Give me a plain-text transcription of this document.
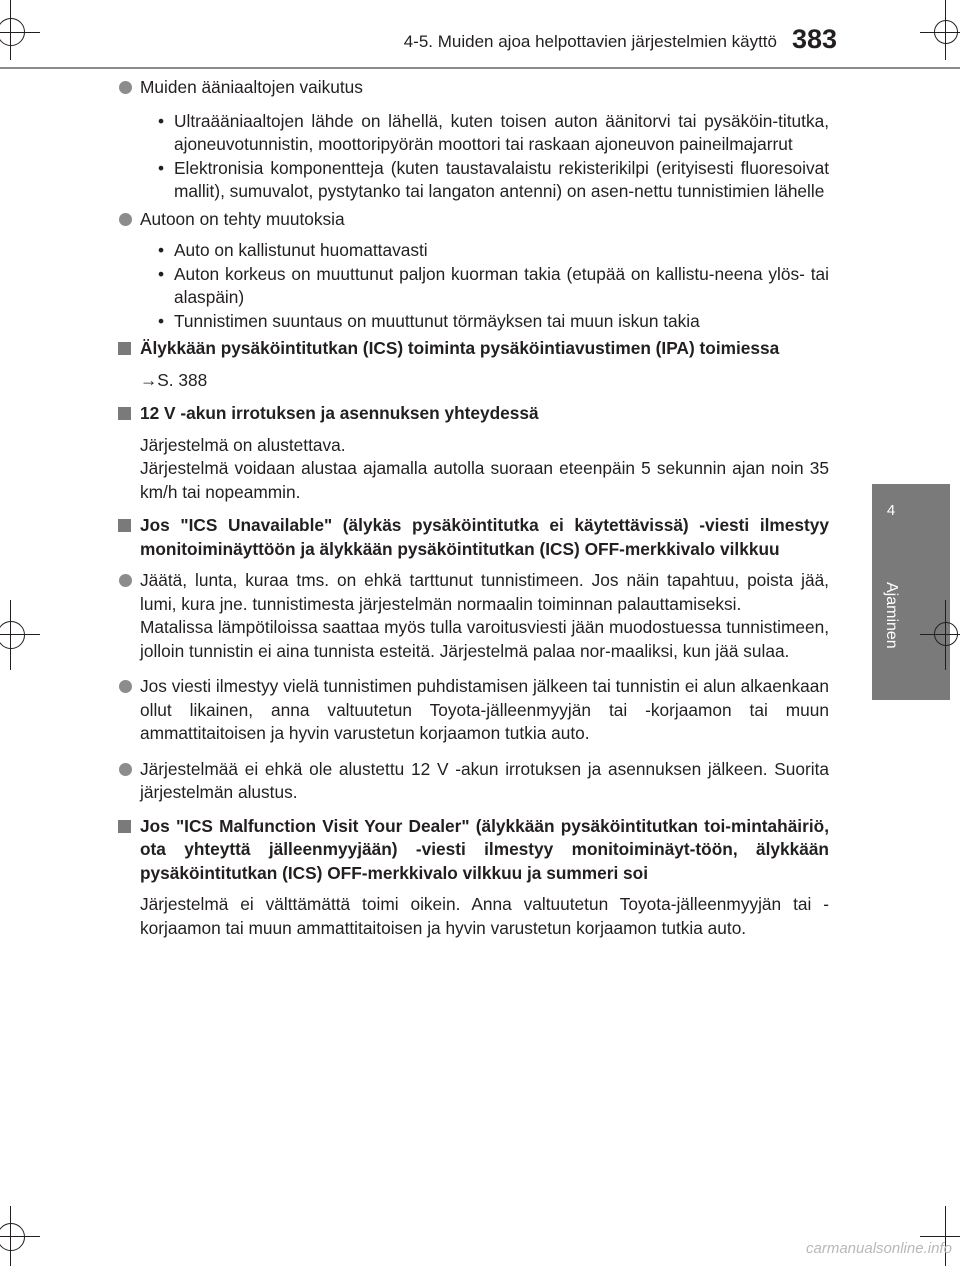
4-5. Muiden ajoa helpottavien järjestelmien käyttö 383
4
Ajaminen
Muiden ääniaaltojen vaikutus
• Ultraääniaaltojen lähde on lähellä, kuten toisen auton äänitorvi tai pysäköin-titutka, ajoneuvotunnistin, moottoripyörän moottori tai raskaan ajoneuvon paineilmajarrut
• Elektronisia komponentteja (kuten taustavalaistu rekisterikilpi (erityisesti fluoresoivat mallit), sumuvalot, pystytanko tai langaton antenni) on asen-nettu tunnistimien lähelle
Autoon on tehty muutoksia
• Auto on kallistunut huomattavasti
• Auton korkeus on muuttunut paljon kuorman takia (etupää on kallistu-neena ylös- tai alaspäin)
• Tunnistimen suuntaus on muuttunut törmäyksen tai muun iskun takia
Älykkään pysäköintitutkan (ICS) toiminta pysäköintiavustimen (IPA) toimiessa
→S. 388
12 V -akun irrotuksen ja asennuksen yhteydessä
Järjestelmä on alustettava.
Järjestelmä voidaan alustaa ajamalla autolla suoraan eteenpäin 5 sekunnin ajan noin 35 km/h tai nopeammin.
Jos "ICS Unavailable" (älykäs pysäköintitutka ei käytettävissä) -viesti ilmestyy monitoiminäyttöön ja älykkään pysäköintitutkan (ICS) OFF-merkkivalo vilkkuu
Jäätä, lunta, kuraa tms. on ehkä tarttunut tunnistimeen. Jos näin tapahtuu, poista jää, lumi, kura jne. tunnistimesta järjestelmän normaalin toiminnan palauttamiseksi.
Matalissa lämpötiloissa saattaa myös tulla varoitusviesti jään muodostuessa tunnistimeen, jolloin tunnistin ei aina tunnista esteitä. Järjestelmä palaa nor-maaliksi, kun jää sulaa.
Jos viesti ilmestyy vielä tunnistimen puhdistamisen jälkeen tai tunnistin ei alun alkaenkaan ollut likainen, anna valtuutetun Toyota-jälleenmyyjän tai -korjaamon tai muun ammattitaitoisen ja hyvin varustetun korjaamon tutkia auto.
Järjestelmää ei ehkä ole alustettu 12 V -akun irrotuksen ja asennuksen jälkeen. Suorita järjestelmän alustus.
Jos "ICS Malfunction Visit Your Dealer" (älykkään pysäköintitutkan toi-mintahäiriö, ota yhteyttä jälleenmyyjään) -viesti ilmestyy monitoiminäyt-töön, älykkään pysäköintitutkan (ICS) OFF-merkkivalo vilkkuu ja summeri soi
Järjestelmä ei välttämättä toimi oikein. Anna valtuutetun Toyota-jälleenmyyjän tai -korjaamon tai muun ammattitaitoisen ja hyvin varustetun korjaamon tutkia auto.
carmanualsonline.info
